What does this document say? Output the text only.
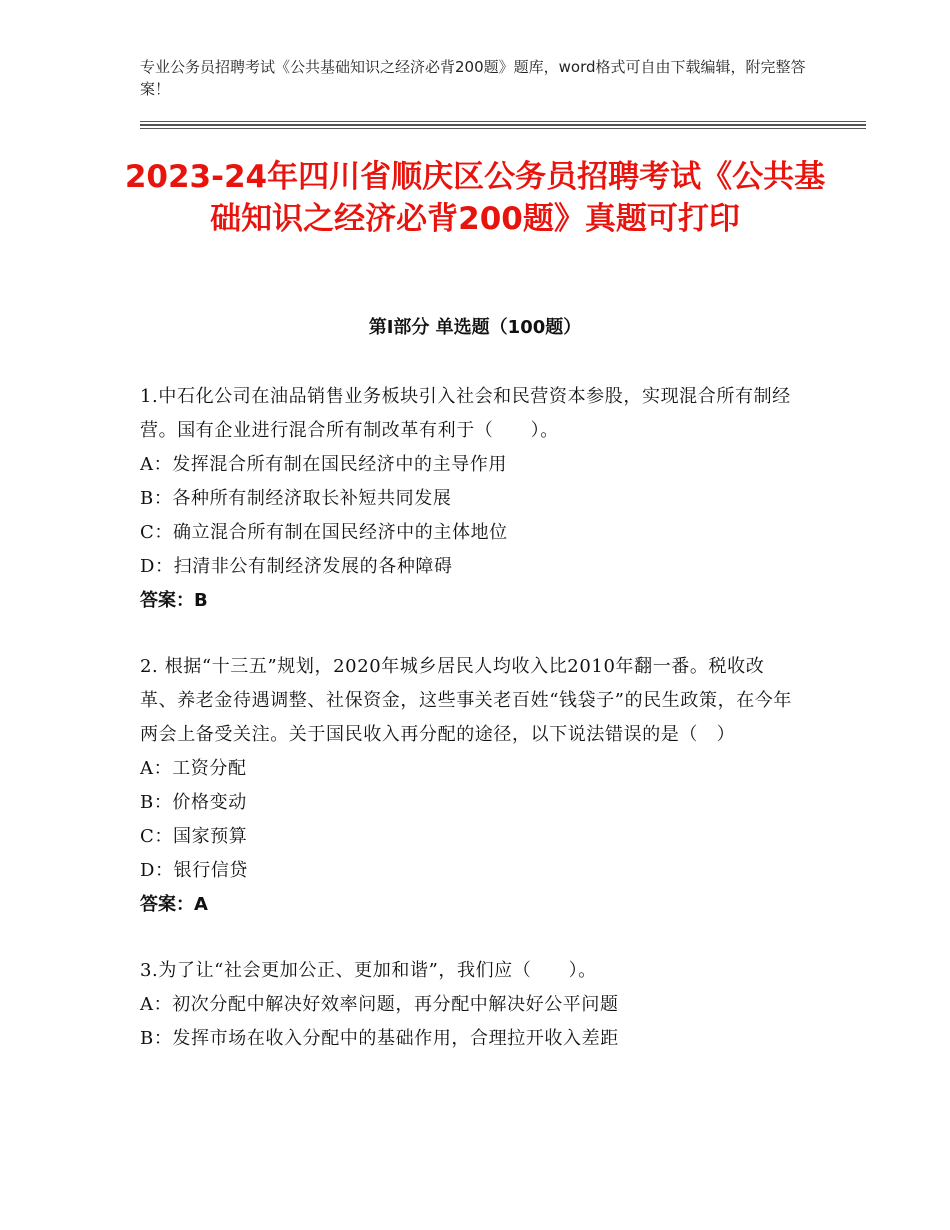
专业公务员招聘考试《公共基础知识之经济必背200题》题库，word格式可自由下载编辑，附完整答案！
2023-24年四川省顺庆区公务员招聘考试《公共基础知识之经济必背200题》真题可打印
第Ⅰ部分 单选题（100题）
1.中石化公司在油品销售业务板块引入社会和民营资本参股，实现混合所有制经营。国有企业进行混合所有制改革有利于（　　）。
A：发挥混合所有制在国民经济中的主导作用
B：各种所有制经济取长补短共同发展
C：确立混合所有制在国民经济中的主体地位
D：扫清非公有制经济发展的各种障碍
答案：B
2. 根据“十三五”规划，2020年城乡居民人均收入比2010年翻一番。税收改革、养老金待遇调整、社保资金，这些事关老百姓“钱袋子”的民生政策，在今年两会上备受关注。关于国民收入再分配的途径，以下说法错误的是（　）
A：工资分配
B：价格变动
C：国家预算
D：银行信贷
答案：A
3.为了让“社会更加公正、更加和谐”，我们应（　　）。
A：初次分配中解决好效率问题，再分配中解决好公平问题
B：发挥市场在收入分配中的基础作用，合理拉开收入差距
